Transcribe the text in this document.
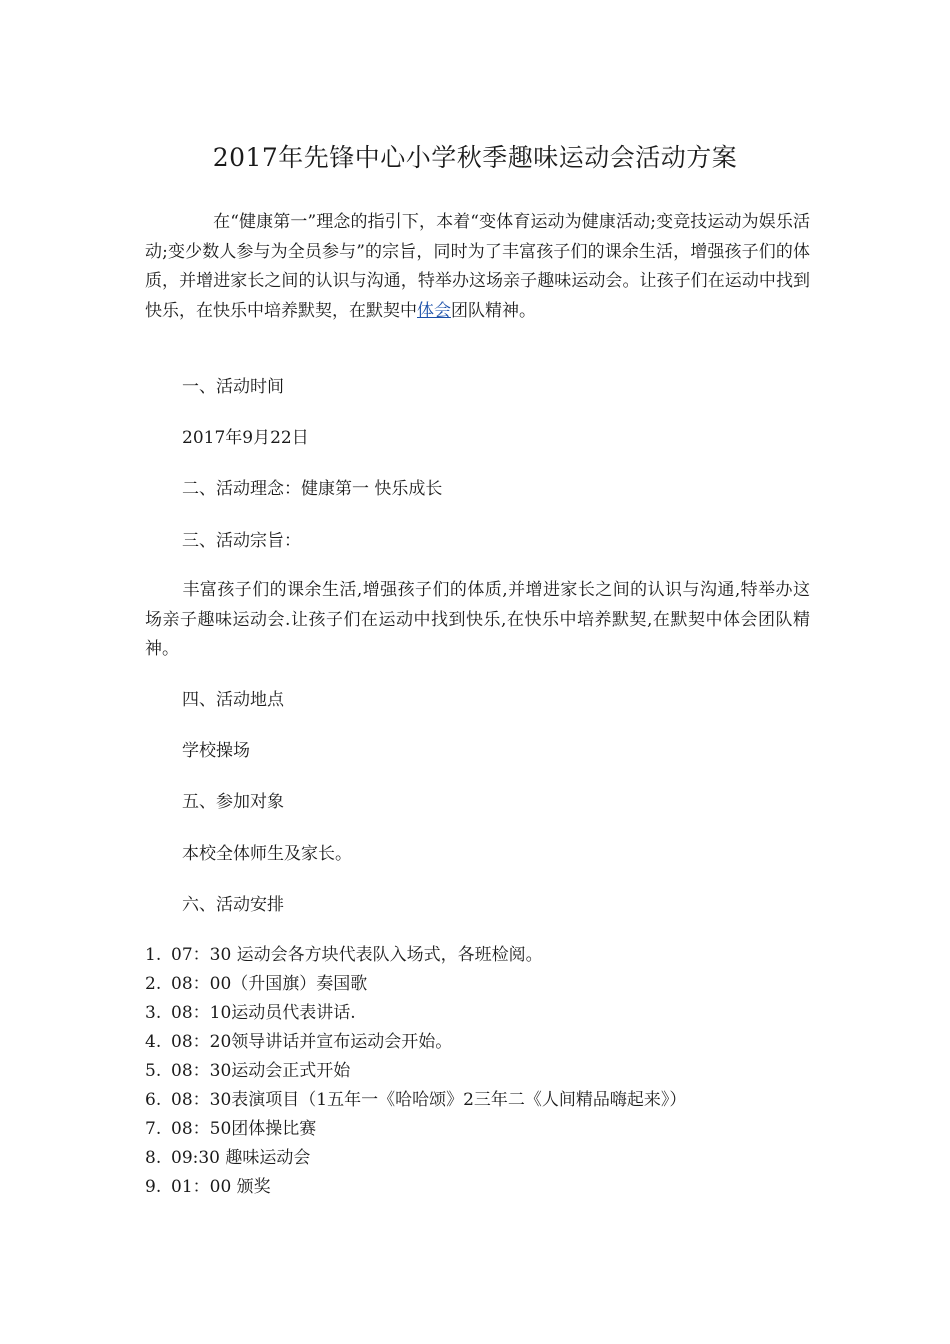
2017年先锋中心小学秋季趣味运动会活动方案
在“健康第一”理念的指引下，本着“变体育运动为健康活动;变竞技运动为娱乐活动;变少数人参与为全员参与”的宗旨，同时为了丰富孩子们的课余生活，增强孩子们的体质，并增进家长之间的认识与沟通，特举办这场亲子趣味运动会。让孩子们在运动中找到快乐，在快乐中培养默契，在默契中体会团队精神。
一、活动时间
2017年9月22日
二、活动理念：健康第一 快乐成长
三、活动宗旨：
丰富孩子们的课余生活,增强孩子们的体质,并增进家长之间的认识与沟通,特举办这场亲子趣味运动会.让孩子们在运动中找到快乐,在快乐中培养默契,在默契中体会团队精神。
四、活动地点
学校操场
五、参加对象
本校全体师生及家长。
六、活动安排
1. 07：30 运动会各方块代表队入场式，各班检阅。
2. 08：00（升国旗）奏国歌
3. 08：10运动员代表讲话.
4. 08：20领导讲话并宣布运动会开始。
5. 08：30运动会正式开始
6. 08：30表演项目（1五年一《哈哈颂》2三年二《人间精品嗨起来》）
7. 08：50团体操比赛
8. 09:30 趣味运动会
9. 01：00 颁奖
